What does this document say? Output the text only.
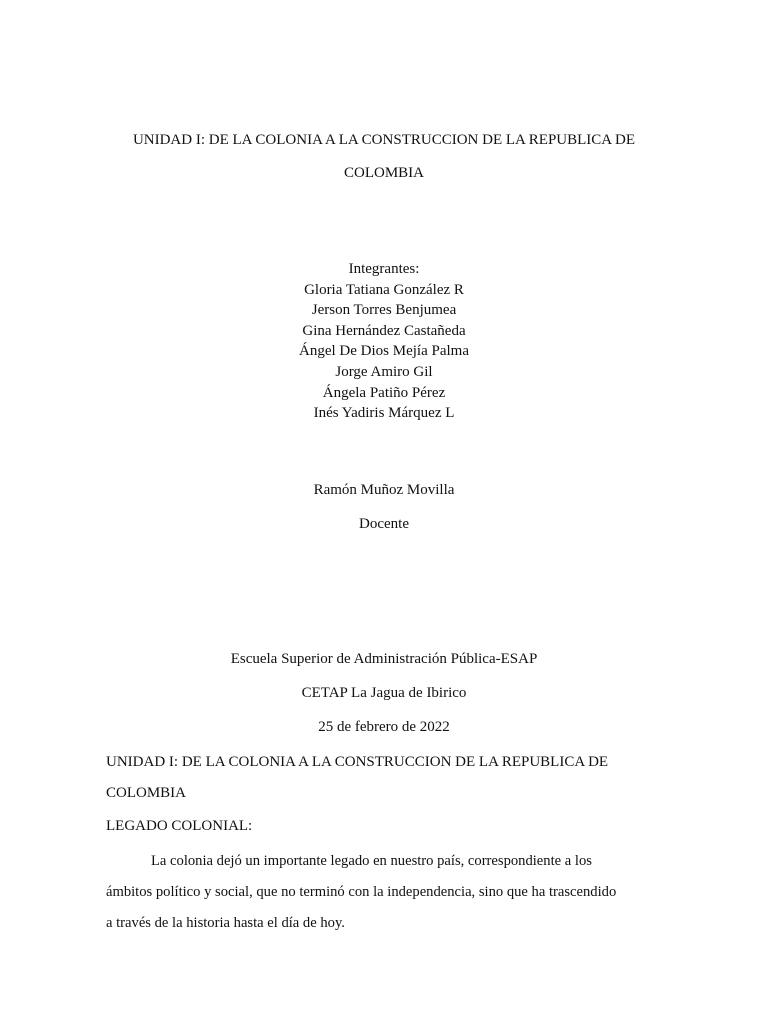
UNIDAD I: DE LA COLONIA A LA CONSTRUCCION DE LA REPUBLICA DE
COLOMBIA
Integrantes:
Gloria Tatiana González R
Jerson Torres Benjumea
Gina Hernández Castañeda
Ángel De Dios Mejía Palma
Jorge Amiro Gil
Ángela Patiño Pérez
Inés Yadiris Márquez L
Ramón Muñoz Movilla
Docente
Escuela Superior de Administración Pública-ESAP
CETAP La Jagua de Ibirico
25 de febrero de 2022
UNIDAD I: DE LA COLONIA A LA CONSTRUCCION DE LA REPUBLICA DE
COLOMBIA
LEGADO COLONIAL:
La colonia dejó un importante legado en nuestro país, correspondiente a los
ámbitos político y social, que no terminó con la independencia, sino que ha trascendido
a través de la historia hasta el día de hoy.
